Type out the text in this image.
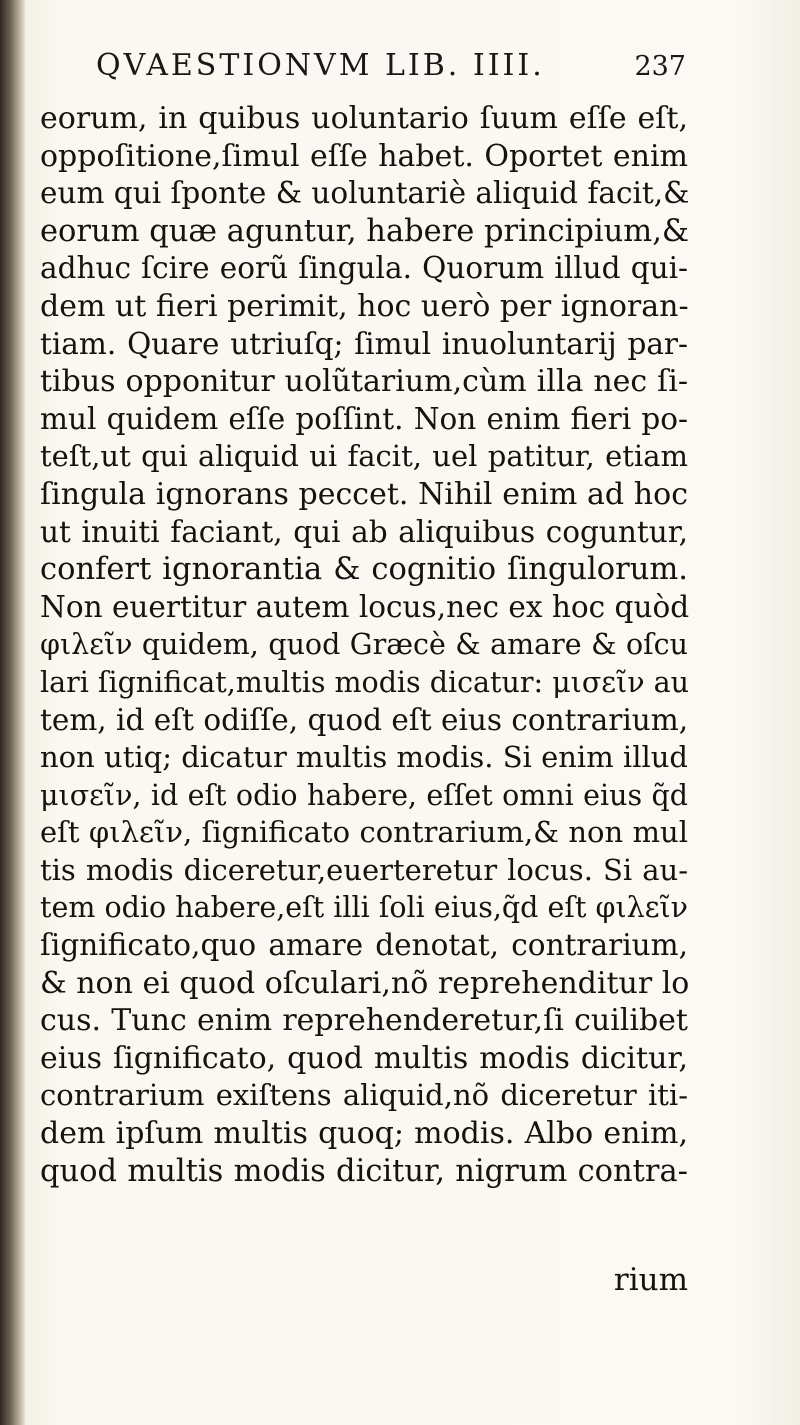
QVAESTIONVM LIB. IIII.	237
eorum, in quibus uoluntario ſuum eſſe eſt,
oppoſitione,ſimul eſſe habet. Oportet enim
eum qui ſponte & uoluntariè aliquid facit,&
eorum quæ aguntur, habere principium,&
adhuc ſcire eorũ ſingula. Quorum illud qui-
dem ut fieri perimit, hoc uerò per ignoran-
tiam. Quare utriuſq; ſimul inuoluntarij par-
tibus opponitur uolũtarium,cùm illa nec ſi-
mul quidem eſſe poſſint. Non enim fieri po-
teſt,ut qui aliquid ui facit, uel patitur, etiam
ſingula ignorans peccet. Nihil enim ad hoc
ut inuiti faciant, qui ab aliquibus coguntur,
confert ignorantia & cognitio ſingulorum.
Non euertitur autem locus,nec ex hoc quòd
φιλεῖν quidem, quod Græcè & amare & oſcu
lari ſignificat,multis modis dicatur: μισεῖν au
tem, id eſt odiſſe, quod eſt eius contrarium,
non utiq; dicatur multis modis. Si enim illud
μισεῖν, id eſt odio habere, eſſet omni eius q̃d
eſt φιλεῖν, ſignificato contrarium,& non mul
tis modis diceretur,euerteretur locus. Si au-
tem odio habere,eſt illi ſoli eius,q̃d eſt φιλεῖν
ſignificato,quo amare denotat, contrarium,
& non ei quod oſculari,nõ reprehenditur lo
cus. Tunc enim reprehenderetur,ſi cuilibet
eius ſignificato, quod multis modis dicitur,
contrarium exiſtens aliquid,nõ diceretur iti-
dem ipſum multis quoq; modis. Albo enim,
quod multis modis dicitur, nigrum contra-
rium
